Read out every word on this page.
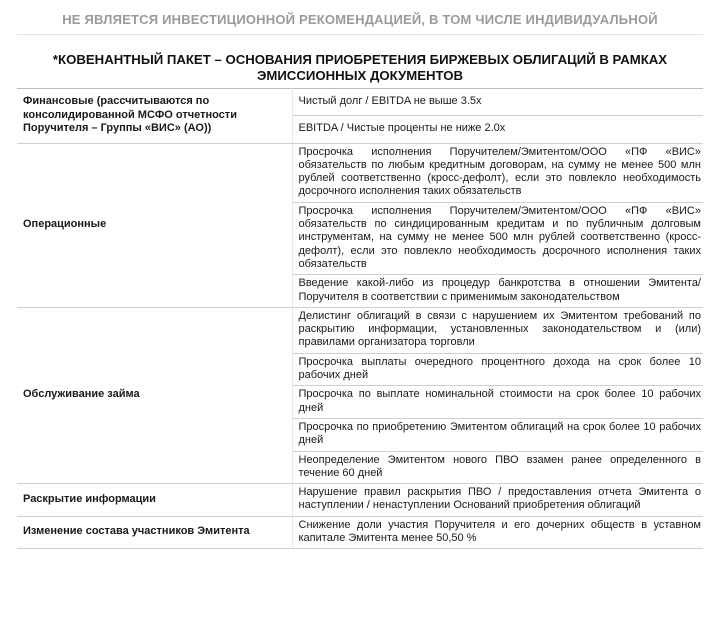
НЕ ЯВЛЯЕТСЯ ИНВЕСТИЦИОННОЙ РЕКОМЕНДАЦИЕЙ, В ТОМ ЧИСЛЕ ИНДИВИДУАЛЬНОЙ
*КОВЕНАНТНЫЙ ПАКЕТ – ОСНОВАНИЯ ПРИОБРЕТЕНИЯ БИРЖЕВЫХ ОБЛИГАЦИЙ В РАМКАХ ЭМИССИОННЫХ ДОКУМЕНТОВ
Финансовые (рассчитываются по консолидированной МСФО отчетности Поручителя – Группы «ВИС» (АО))	Чистый долг / EBITDA не выше 3.5х
	EBITDA / Чистые проценты не ниже 2.0х
Операционные	Просрочка исполнения Поручителем/Эмитентом/ООО «ПФ «ВИС» обязательств по любым кредитным договорам, на сумму не менее 500 млн рублей соответственно (кросс-дефолт), если это повлекло необходимость досрочного исполнения таких обязательств
	Просрочка исполнения Поручителем/Эмитентом/ООО «ПФ «ВИС» обязательств по синдицированным кредитам и по публичным долговым инструментам, на сумму не менее 500 млн рублей соответственно (кросс-дефолт), если это повлекло необходимость досрочного исполнения таких обязательств
	Введение какой-либо из процедур банкротства в отношении Эмитента/Поручителя в соответствии с применимым законодательством
Обслуживание займа	Делистинг облигаций в связи с нарушением их Эмитентом требований по раскрытию информации, установленных законодательством и (или) правилами организатора торговли
	Просрочка выплаты очередного процентного дохода на срок более 10 рабочих дней
	Просрочка по выплате номинальной стоимости на срок более 10 рабочих дней
	Просрочка по приобретению Эмитентом облигаций на срок более 10 рабочих дней
	Неопределение Эмитентом нового ПВО взамен ранее определенного в течение 60 дней
Раскрытие информации	Нарушение правил раскрытия ПВО / предоставления отчета Эмитента о наступлении / ненаступлении Оснований приобретения облигаций
Изменение состава участников Эмитента	Снижение доли участия Поручителя и его дочерних обществ в уставном капитале Эмитента менее 50,50 %
